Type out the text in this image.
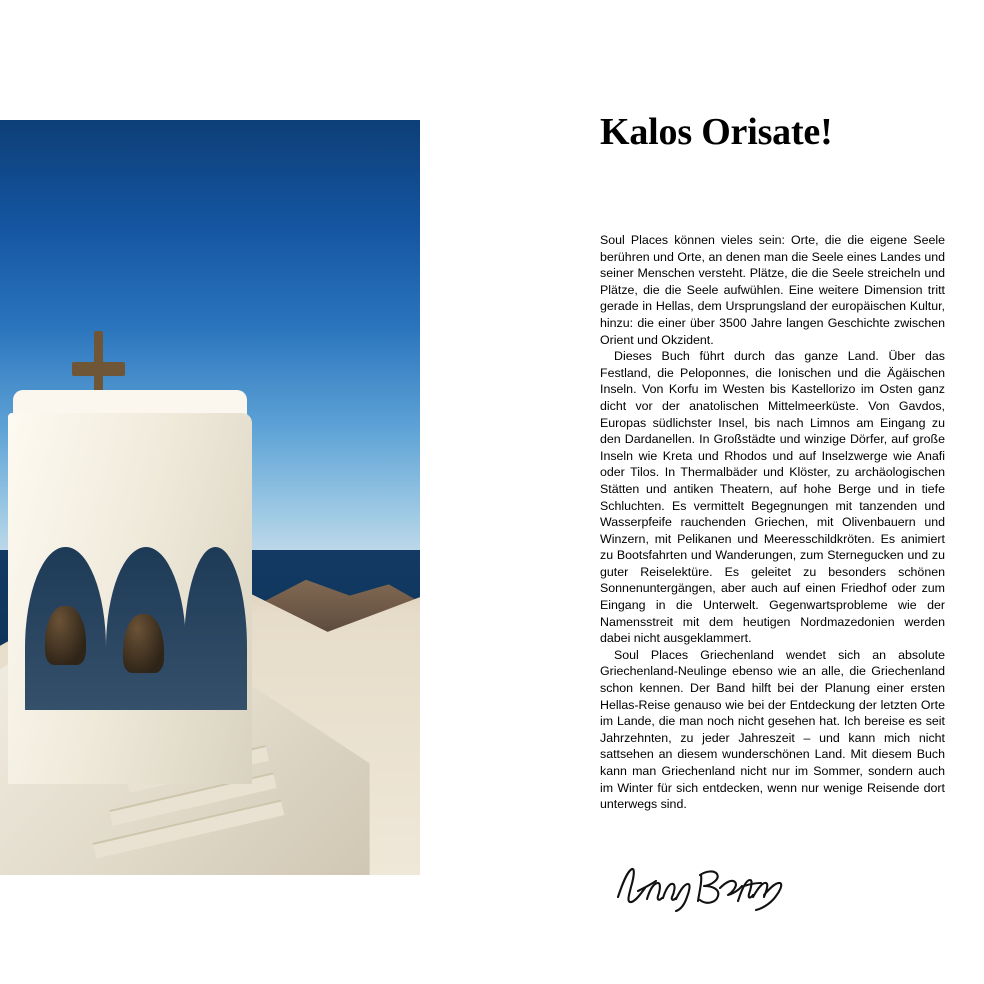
Kalos Orisate!

Soul Places können vieles sein: Orte, die die eigene Seele berühren und Orte, an denen man die Seele eines Landes und seiner Menschen versteht. Plätze, die die Seele streicheln und Plätze, die die Seele aufwühlen. Eine weitere Dimension tritt gerade in Hellas, dem Ursprungsland der europäischen Kultur, hinzu: die einer über 3500 Jahre langen Geschichte zwischen Orient und Okzident.

Dieses Buch führt durch das ganze Land. Über das Festland, die Peloponnes, die Ionischen und die Ägäischen Inseln. Von Korfu im Westen bis Kastellorizo im Osten ganz dicht vor der anatolischen Mittelmeerküste. Von Gavdos, Europas südlichster Insel, bis nach Limnos am Eingang zu den Dardanellen. In Großstädte und winzige Dörfer, auf große Inseln wie Kreta und Rhodos und auf Inselzwerge wie Anafi oder Tilos. In Thermalbäder und Klöster, zu archäologischen Stätten und antiken Theatern, auf hohe Berge und in tiefe Schluchten. Es vermittelt Begegnungen mit tanzenden und Wasserpfeife rauchenden Griechen, mit Olivenbauern und Winzern, mit Pelikanen und Meeresschildkröten. Es animiert zu Bootsfahrten und Wanderungen, zum Sternegucken und zu guter Reiselektüre. Es geleitet zu besonders schönen Sonnenuntergängen, aber auch auf einen Friedhof oder zum Eingang in die Unterwelt. Gegenwartsprobleme wie der Namensstreit mit dem heutigen Nordmazedonien werden dabei nicht ausgeklammert.

Soul Places Griechenland wendet sich an absolute Griechenland-Neulinge ebenso wie an alle, die Griechenland schon kennen. Der Band hilft bei der Planung einer ersten Hellas-Reise genauso wie bei der Entdeckung der letzten Orte im Lande, die man noch nicht gesehen hat. Ich bereise es seit Jahrzehnten, zu jeder Jahreszeit – und kann mich nicht sattsehen an diesem wunderschönen Land. Mit diesem Buch kann man Griechenland nicht nur im Sommer, sondern auch im Winter für sich entdecken, wenn nur wenige Reisende dort unterwegs sind.
